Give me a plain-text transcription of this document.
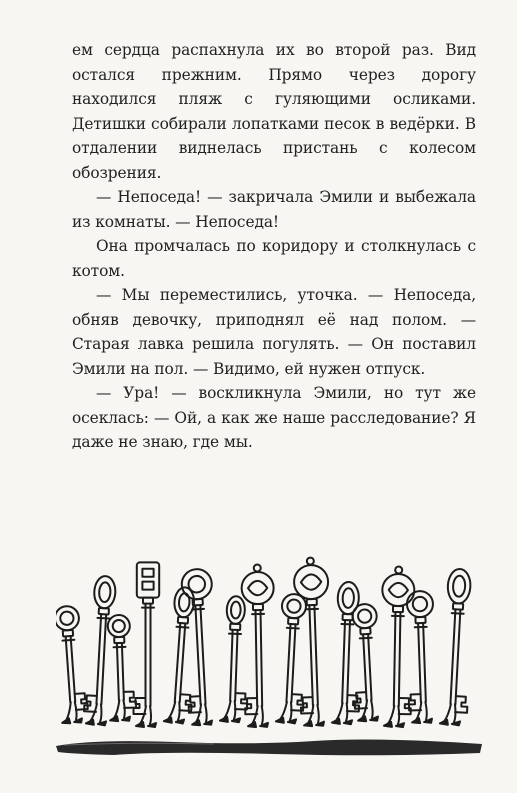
ем сердца распахнула их во второй раз. Вид остался прежним. Прямо через дорогу находился пляж с гуляющими осликами. Детишки собирали лопатками песок в ведёрки. В отдалении виднелась пристань с колесом обозрения.

— Непоседа! — закричала Эмили и выбежала из комнаты. — Непоседа!

Она промчалась по коридору и столкнулась с котом.

— Мы переместились, уточка. — Непоседа, обняв девочку, приподнял её над полом. — Старая лавка решила погулять. — Он поставил Эмили на пол. — Видимо, ей нужен отпуск.

— Ура! — воскликнула Эмили, но тут же осеклась: — Ой, а как же наше расследование? Я даже не знаю, где мы.
